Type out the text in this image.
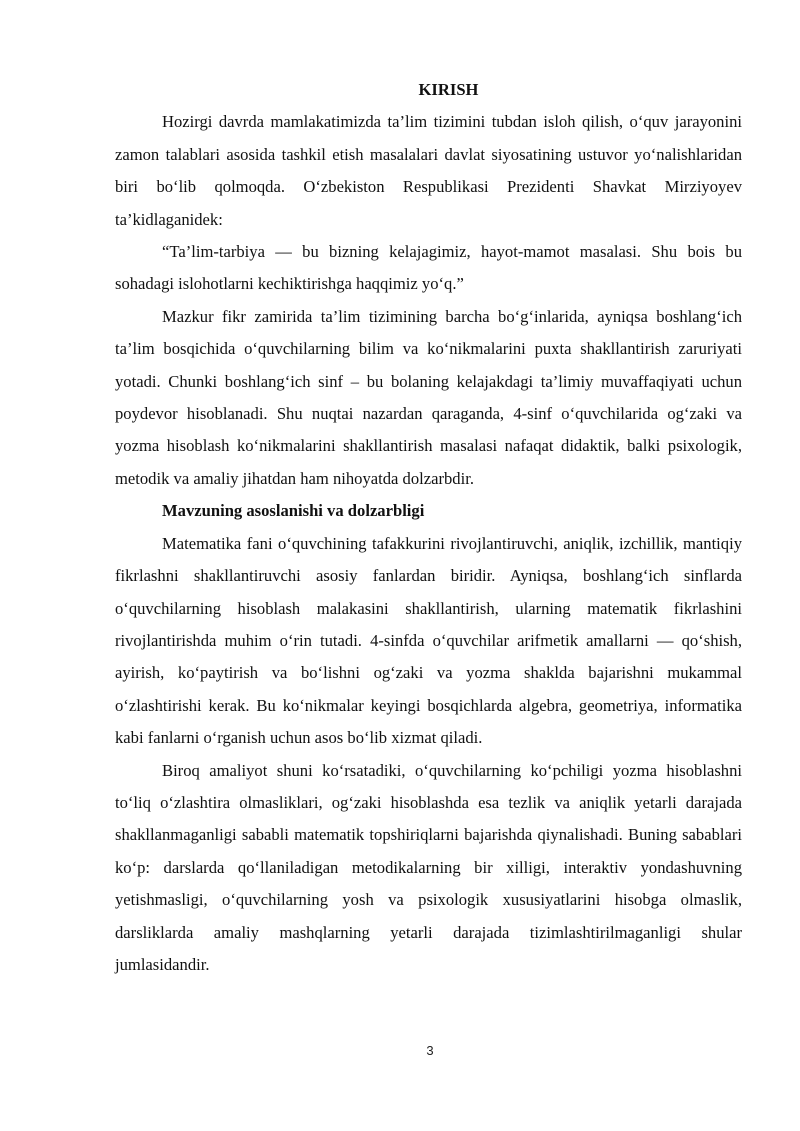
KIRISH

Hozirgi davrda mamlakatimizda ta’lim tizimini tubdan isloh qilish, o‘quv jarayonini zamon talablari asosida tashkil etish masalalari davlat siyosatining ustuvor yo‘nalishlaridan biri bo‘lib qolmoqda. O‘zbekiston Respublikasi Prezidenti Shavkat Mirziyoyev ta’kidlaganidek:

“Ta’lim-tarbiya — bu bizning kelajagimiz, hayot-mamot masalasi. Shu bois bu sohadagi islohotlarni kechiktirishga haqqimiz yo‘q.”

Mazkur fikr zamirida ta’lim tizimining barcha bo‘g‘inlarida, ayniqsa boshlang‘ich ta’lim bosqichida o‘quvchilarning bilim va ko‘nikmalarini puxta shakllantirish zaruriyati yotadi. Chunki boshlang‘ich sinf – bu bolaning kelajakdagi ta’limiy muvaffaqiyati uchun poydevor hisoblanadi. Shu nuqtai nazardan qaraganda, 4-sinf o‘quvchilarida og‘zaki va yozma hisoblash ko‘nikmalarini shakllantirish masalasi nafaqat didaktik, balki psixologik, metodik va amaliy jihatdan ham nihoyatda dolzarbdir.

Mavzuning asoslanishi va dolzarbligi

Matematika fani o‘quvchining tafakkurini rivojlantiruvchi, aniqlik, izchillik, mantiqiy fikrlashni shakllantiruvchi asosiy fanlardan biridir. Ayniqsa, boshlang‘ich sinflarda o‘quvchilarning hisoblash malakasini shakllantirish, ularning matematik fikrlashini rivojlantirishda muhim o‘rin tutadi. 4-sinfda o‘quvchilar arifmetik amallarni — qo‘shish, ayirish, ko‘paytirish va bo‘lishni og‘zaki va yozma shaklda bajarishni mukammal o‘zlashtirishi kerak. Bu ko‘nikmalar keyingi bosqichlarda algebra, geometriya, informatika kabi fanlarni o‘rganish uchun asos bo‘lib xizmat qiladi.

Biroq amaliyot shuni ko‘rsatadiki, o‘quvchilarning ko‘pchiligi yozma hisoblashni to‘liq o‘zlashtira olmasliklari, og‘zaki hisoblashda esa tezlik va aniqlik yetarli darajada shakllanmaganligi sababli matematik topshiriqlarni bajarishda qiynalishadi. Buning sabablari ko‘p: darslarda qo‘llaniladigan metodikalarning bir xilligi, interaktiv yondashuvning yetishmasligi, o‘quvchilarning yosh va psixologik xususiyatlarini hisobga olmaslik, darsliklarda amaliy mashqlarning yetarli darajada tizimlashtirilmaganligi shular jumlasidandir.

3
